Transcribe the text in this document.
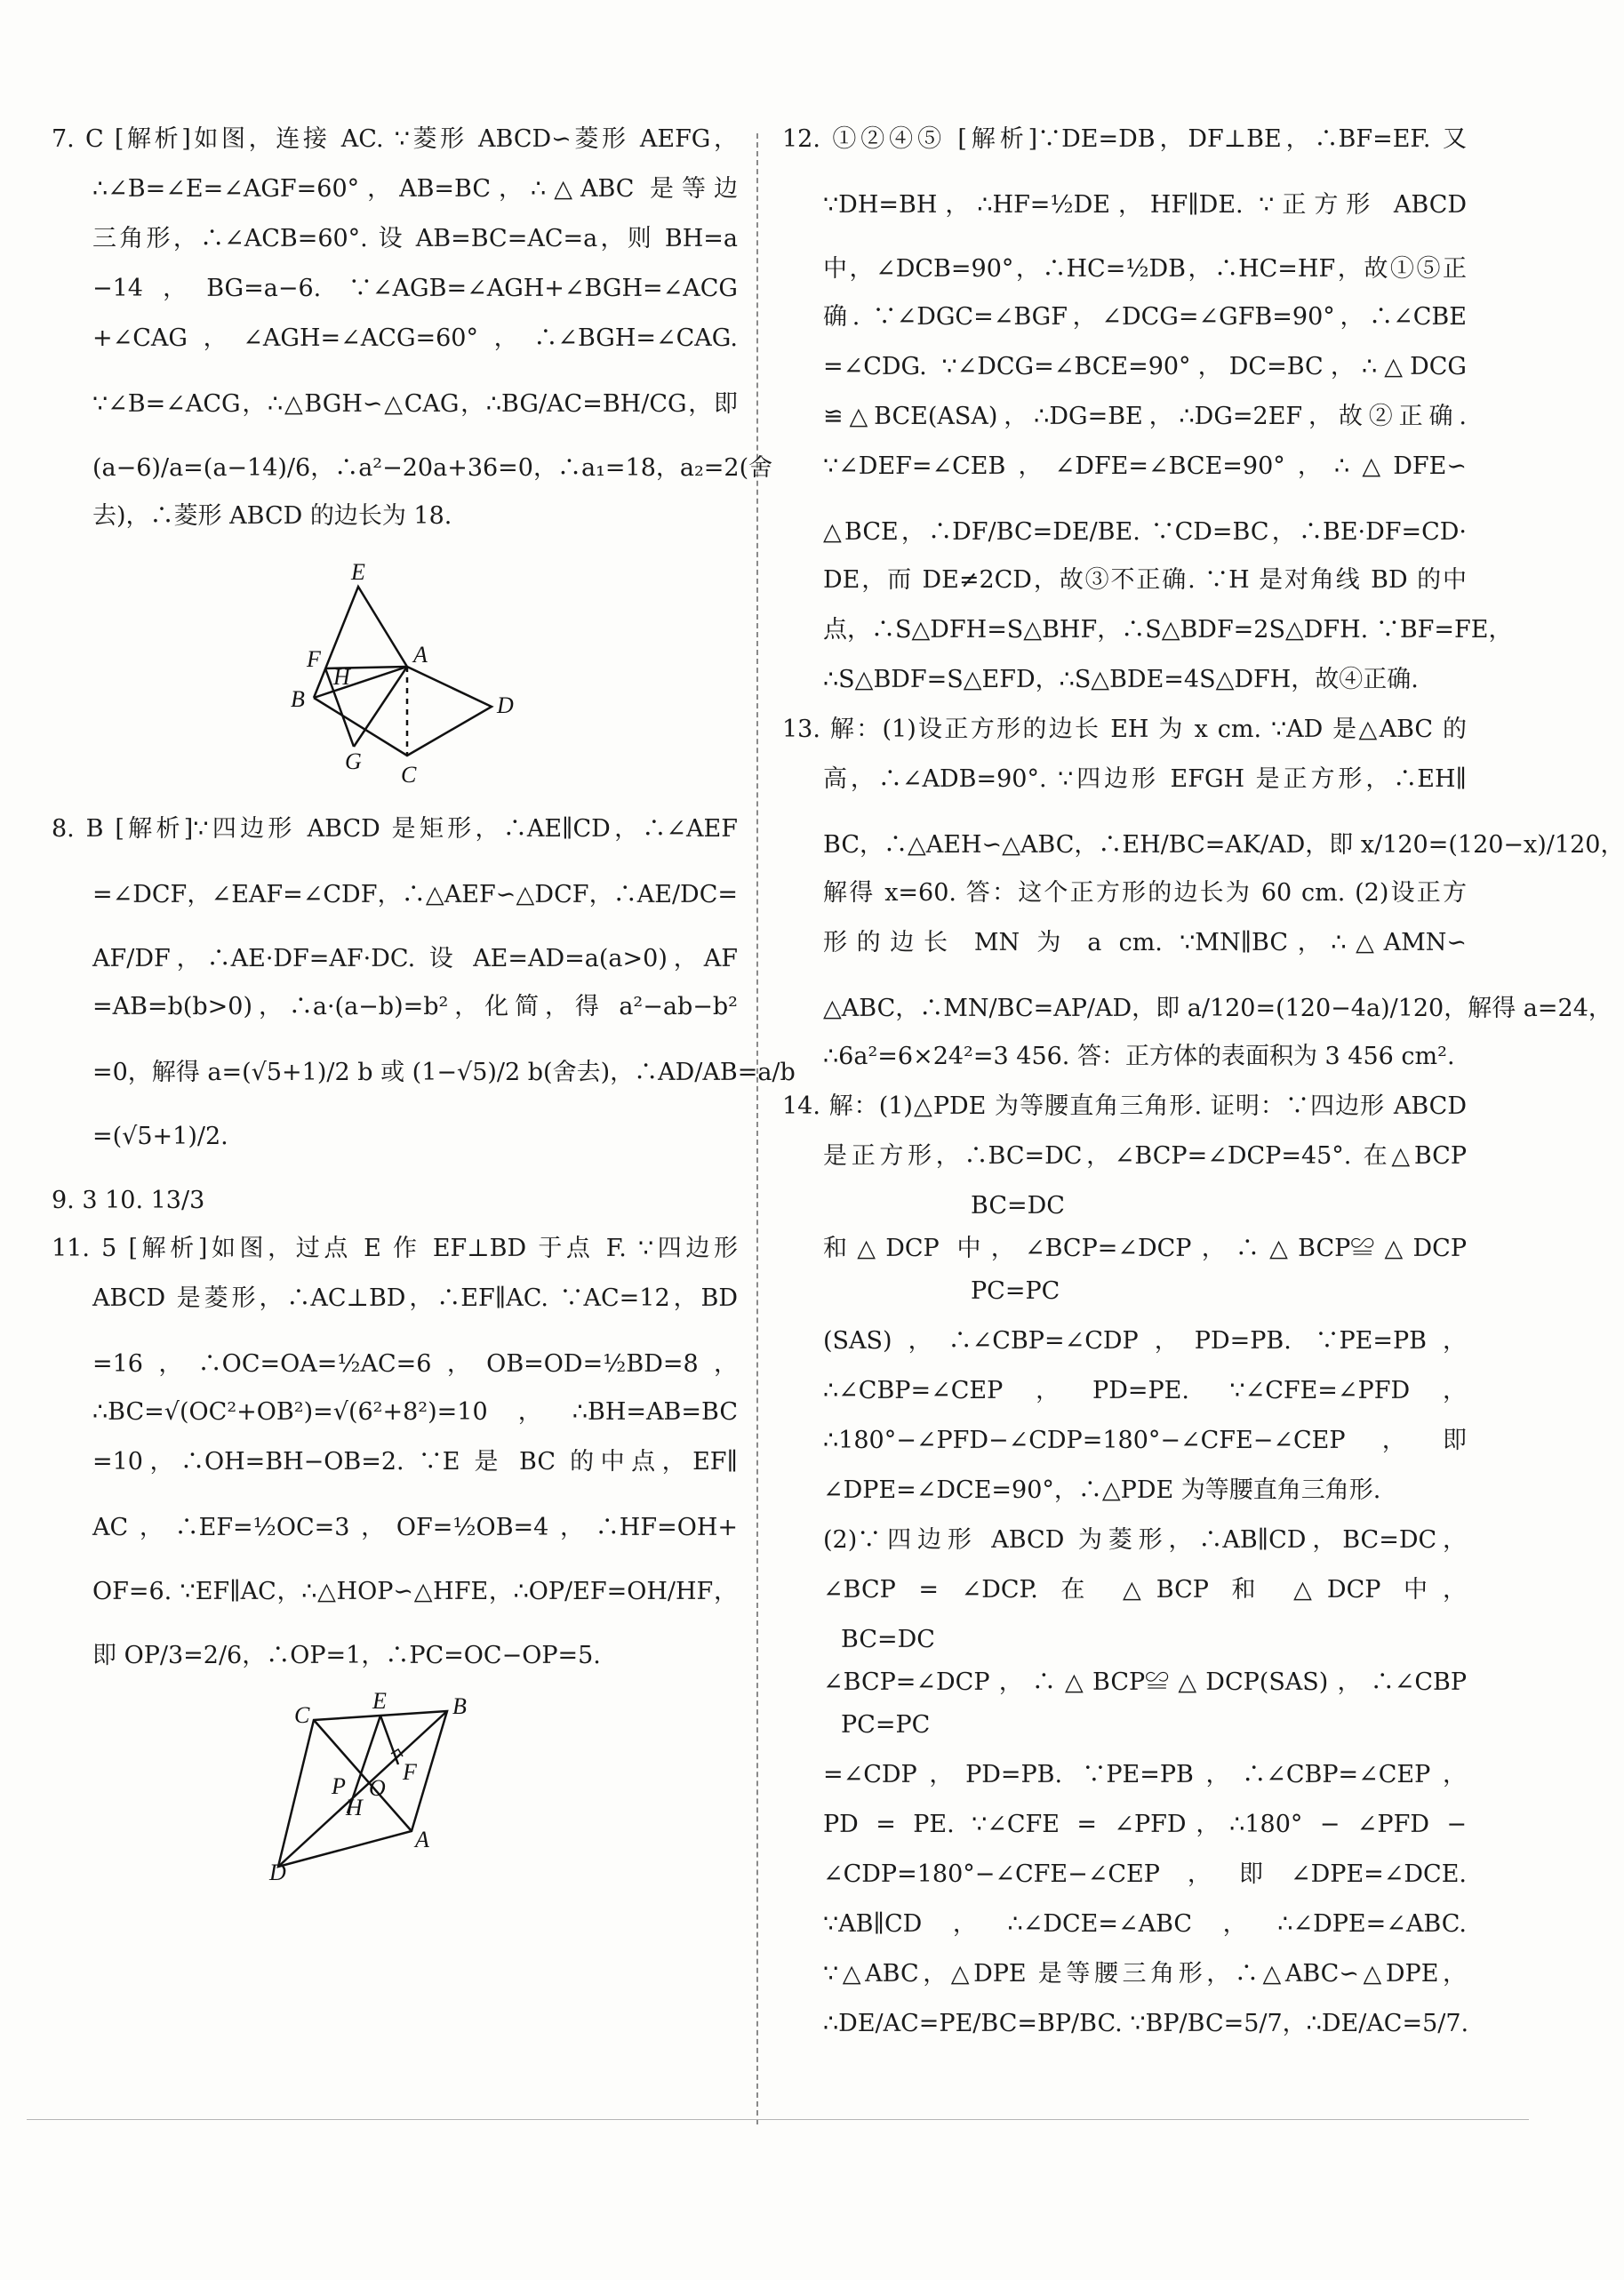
7. C [解析]如图，连接 AC. ∵菱形 ABCD∽菱形 AEFG，
∴∠B=∠E=∠AGF=60°，AB=BC，∴△ABC 是等边
三角形，∴∠ACB=60°. 设 AB=BC=AC=a，则 BH=a
−14，BG=a−6. ∵∠AGB=∠AGH+∠BGH=∠ACG
+∠CAG，∠AGH=∠ACG=60°，∴∠BGH=∠CAG.
∵∠B=∠ACG，∴△BGH∽△CAG，∴BG/AC=BH/CG，即
(a−6)/a=(a−14)/6，∴a²−20a+36=0，∴a₁=18，a₂=2(舍
去)，∴菱形 ABCD 的边长为 18.
E
F
H
A
B	D
G
C
8. B [解析]∵四边形 ABCD 是矩形，∴AE∥CD，∴∠AEF
=∠DCF，∠EAF=∠CDF，∴△AEF∽△DCF，∴AE/DC=
AF/DF，∴AE·DF=AF·DC. 设 AE=AD=a(a>0)，AF
=AB=b(b>0)，∴a·(a−b)=b²，化简，得 a²−ab−b²
=0，解得 a=(√5+1)/2 b 或 (1−√5)/2 b(舍去)，∴AD/AB=a/b
=(√5+1)/2.
9. 3 10. 13/3
11. 5 [解析]如图，过点 E 作 EF⊥BD 于点 F. ∵四边形
ABCD 是菱形，∴AC⊥BD，∴EF∥AC. ∵AC=12，BD
=16，∴OC=OA=½AC=6，OB=OD=½BD=8，
∴BC=√(OC²+OB²)=√(6²+8²)=10，∴BH=AB=BC
=10，∴OH=BH−OB=2. ∵E 是 BC 的中点，EF∥
AC，∴EF=½OC=3，OF=½OB=4，∴HF=OH+
OF=6. ∵EF∥AC，∴△HOP∽△HFE，∴OP/EF=OH/HF，
即 OP/3=2/6，∴OP=1，∴PC=OC−OP=5.
C
E	B
F
P O
H
A
D
12. ①②④⑤ [解析]∵DE=DB，DF⊥BE，∴BF=EF. 又
∵DH=BH，∴HF=½DE，HF∥DE. ∵正方形 ABCD
中，∠DCB=90°，∴HC=½DB，∴HC=HF，故①⑤正
确. ∵∠DGC=∠BGF，∠DCG=∠GFB=90°，∴∠CBE
=∠CDG. ∵∠DCG=∠BCE=90°，DC=BC，∴△DCG
≌△BCE(ASA)，∴DG=BE，∴DG=2EF，故②正确.
∵∠DEF=∠CEB，∠DFE=∠BCE=90°，∴△DFE∽
△BCE，∴DF/BC=DE/BE. ∵CD=BC，∴BE·DF=CD·
DE，而 DE≠2CD，故③不正确. ∵H 是对角线 BD 的中
点，∴S△DFH=S△BHF，∴S△BDF=2S△DFH. ∵BF=FE，
∴S△BDF=S△EFD，∴S△BDE=4S△DFH，故④正确.
13. 解：(1)设正方形的边长 EH 为 x cm. ∵AD 是△ABC 的
高，∴∠ADB=90°. ∵四边形 EFGH 是正方形，∴EH∥
BC，∴△AEH∽△ABC，∴EH/BC=AK/AD，即 x/120=(120−x)/120，
解得 x=60. 答：这个正方形的边长为 60 cm. (2)设正方
形的边长 MN 为 a cm. ∵MN∥BC，∴△AMN∽
△ABC，∴MN/BC=AP/AD，即 a/120=(120−4a)/120，解得 a=24，
∴6a²=6×24²=3 456. 答：正方体的表面积为 3 456 cm².
14. 解：(1)△PDE 为等腰直角三角形. 证明：∵四边形 ABCD
是正方形，∴BC=DC，∠BCP=∠DCP=45°. 在△BCP
BC=DC
和△DCP 中，∠BCP=∠DCP，∴△BCP≌△DCP
PC=PC
(SAS)，∴∠CBP=∠CDP，PD=PB. ∵PE=PB，
∴∠CBP=∠CEP，PD=PE. ∵∠CFE=∠PFD，
∴180°−∠PFD−∠CDP=180°−∠CFE−∠CEP，即
∠DPE=∠DCE=90°，∴△PDE 为等腰直角三角形.
(2)∵四边形 ABCD 为菱形，∴AB∥CD，BC=DC，
∠BCP = ∠DCP. 在 △BCP 和 △DCP 中，
BC=DC
∠BCP=∠DCP，∴△BCP≌△DCP(SAS)，∴∠CBP
PC=PC
=∠CDP，PD=PB. ∵PE=PB，∴∠CBP=∠CEP，
PD = PE. ∵∠CFE = ∠PFD，∴180° − ∠PFD −
∠CDP=180°−∠CFE−∠CEP，即∠DPE=∠DCE.
∵AB∥CD，∴∠DCE=∠ABC，∴∠DPE=∠ABC.
∵△ABC，△DPE 是等腰三角形，∴△ABC∽△DPE，
∴DE/AC=PE/BC=BP/BC. ∵BP/BC=5/7，∴DE/AC=5/7.
